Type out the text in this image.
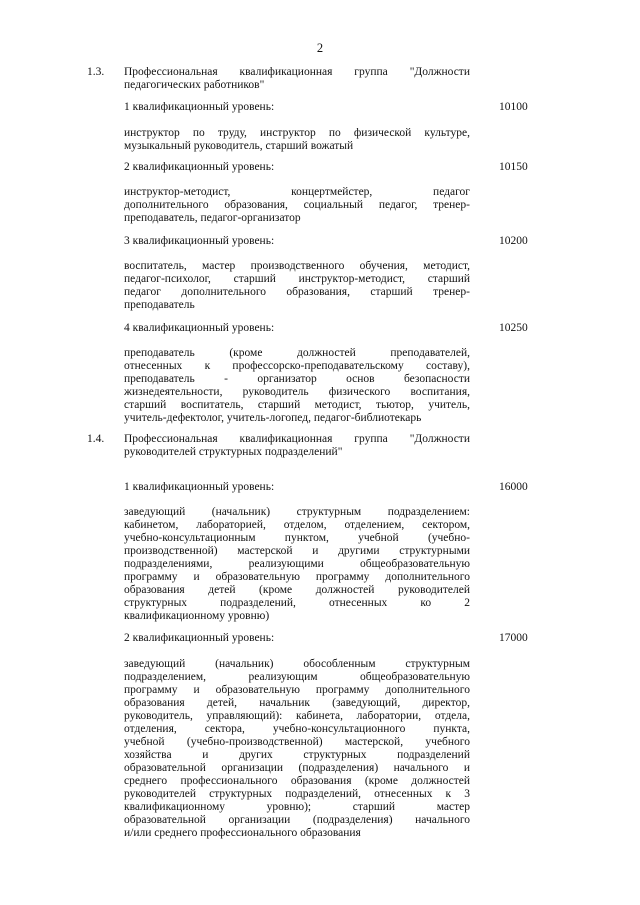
2
1.3.	Профессиональная квалификационная группа "Должности
педагогических работников"
1 квалификационный уровень:	10100
инструктор по труду, инструктор по физической культуре,
музыкальный руководитель, старший вожатый
2 квалификационный уровень:	10150
инструктор-методист, концертмейстер, педагог
дополнительного образования, социальный педагог, тренер-
преподаватель, педагог-организатор
3 квалификационный уровень:	10200
воспитатель, мастер производственного обучения, методист,
педагог-психолог, старший инструктор-методист, старший
педагог дополнительного образования, старший тренер-
преподаватель
4 квалификационный уровень:	10250
преподаватель (кроме должностей преподавателей,
отнесенных к профессорско-преподавательскому составу),
преподаватель - организатор основ безопасности
жизнедеятельности, руководитель физического воспитания,
старший воспитатель, старший методист, тьютор, учитель,
учитель-дефектолог, учитель-логопед, педагог-библиотекарь
1.4.	Профессиональная квалификационная группа "Должности
руководителей структурных подразделений"
1 квалификационный уровень:	16000
заведующий (начальник) структурным подразделением:
кабинетом, лабораторией, отделом, отделением, сектором,
учебно-консультационным пунктом, учебной (учебно-
производственной) мастерской и другими структурными
подразделениями, реализующими общеобразовательную
программу и образовательную программу дополнительного
образования детей (кроме должностей руководителей
структурных подразделений, отнесенных ко 2
квалификационному уровню)
2 квалификационный уровень:	17000
заведующий (начальник) обособленным структурным
подразделением, реализующим общеобразовательную
программу и образовательную программу дополнительного
образования детей, начальник (заведующий, директор,
руководитель, управляющий): кабинета, лаборатории, отдела,
отделения, сектора, учебно-консультационного пункта,
учебной (учебно-производственной) мастерской, учебного
хозяйства и других структурных подразделений
образовательной организации (подразделения) начального и
среднего профессионального образования (кроме должностей
руководителей структурных подразделений, отнесенных к 3
квалификационному уровню); старший мастер
образовательной организации (подразделения) начального
и/или среднего профессионального образования
